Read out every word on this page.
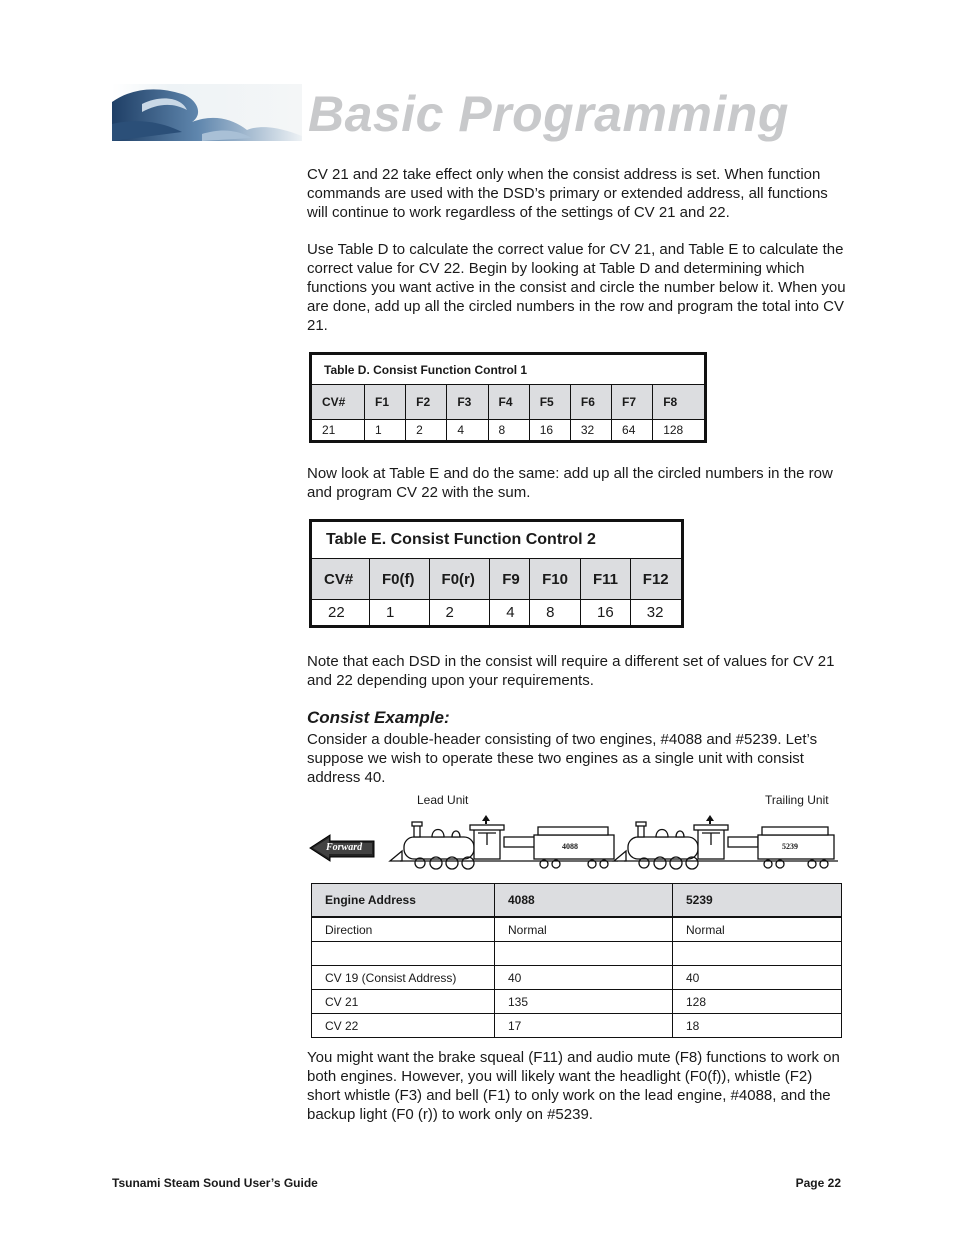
Basic Programming

CV 21 and 22 take effect only when the consist address is set. When function commands are used with the DSD’s primary or extended address, all functions will continue to work regardless of the settings of CV 21 and 22.

Use Table D to calculate the correct value for CV 21, and Table E to calculate the correct value for CV 22. Begin by looking at Table D and determining which functions you want active in the consist and circle the number below it. When you are done, add up all the circled numbers in the row and program the total into CV 21.

Table D. Consist Function Control 1								
CV#	F1	F2	F3	F4	F5	F6	F7	F8
21	1	2	4	8	16	32	64	128

Now look at Table E and do the same: add up all the circled numbers in the row and program CV 22 with the sum.

Table E. Consist Function Control 2						
CV#	F0(f)	F0(r)	F9	F10	F11	F12
22	1	2	4	8	16	32

Note that each DSD in the consist will require a different set of values for CV 21 and 22 depending upon your requirements.

Consist Example:

Consider a double-header consisting of two engines, #4088 and #5239. Let’s suppose we wish to operate these two engines as a single unit with consist address 40.

Lead Unit	Trailing Unit
Forward	4088	5239
Engine Address	4088	5239
Direction	Normal	Normal

CV 19 (Consist Address)	40	40
CV 21	135	128
CV 22	17	18

You might want the brake squeal (F11) and audio mute (F8) functions to work on both engines. However, you will likely want the headlight (F0(f)), whistle (F2) short whistle (F3) and bell (F1) to only work on the lead engine, #4088, and the backup light (F0 (r)) to work only on #5239.

Tsunami Steam Sound User’s Guide	Page 22
